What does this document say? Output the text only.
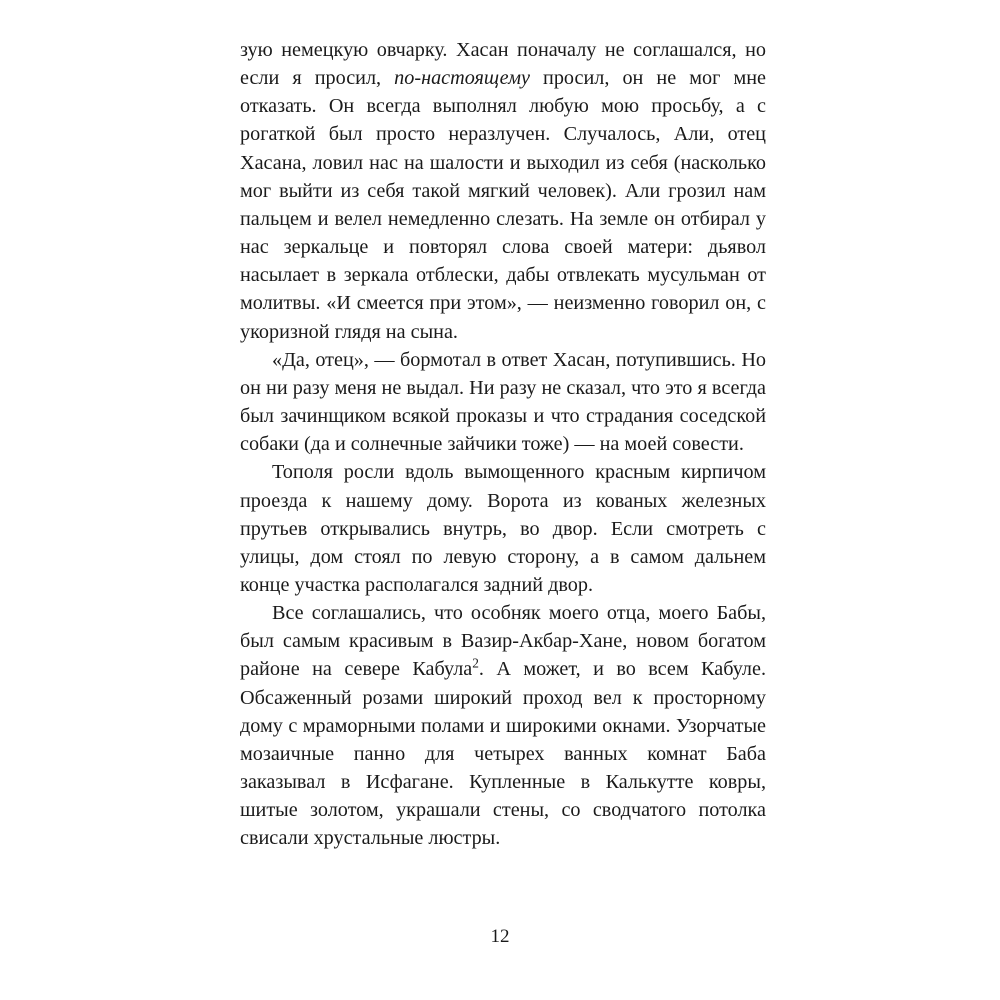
зую немецкую овчарку. Хасан поначалу не соглашался, но если я просил, по-настоящему просил, он не мог мне отказать. Он всегда выполнял любую мою просьбу, а с рогаткой был просто неразлучен. Случалось, Али, отец Хасана, ловил нас на шалости и выходил из себя (насколько мог выйти из себя такой мягкий человек). Али грозил нам пальцем и велел немедленно слезать. На земле он отбирал у нас зеркальце и повторял слова своей матери: дьявол насылает в зеркала отблески, дабы отвлекать мусульман от молитвы. «И смеется при этом», — неизменно говорил он, с укоризной глядя на сына.

«Да, отец», — бормотал в ответ Хасан, потупившись. Но он ни разу меня не выдал. Ни разу не сказал, что это я всегда был зачинщиком всякой проказы и что страдания соседской собаки (да и солнечные зайчики тоже) — на моей совести.

Тополя росли вдоль вымощенного красным кирпичом проезда к нашему дому. Ворота из кованых железных прутьев открывались внутрь, во двор. Если смотреть с улицы, дом стоял по левую сторону, а в самом дальнем конце участка располагался задний двор.

Все соглашались, что особняк моего отца, моего Бабы, был самым красивым в Вазир-Акбар-Хане, новом богатом районе на севере Кабула$^2$. А может, и во всем Кабуле. Обсаженный розами широкий проход вел к просторному дому с мраморными полами и широкими окнами. Узорчатые мозаичные панно для четырех ванных комнат Баба заказывал в Исфагане. Купленные в Калькутте ковры, шитые золотом, украшали стены, со сводчатого потолка свисали хрустальные люстры.

12
